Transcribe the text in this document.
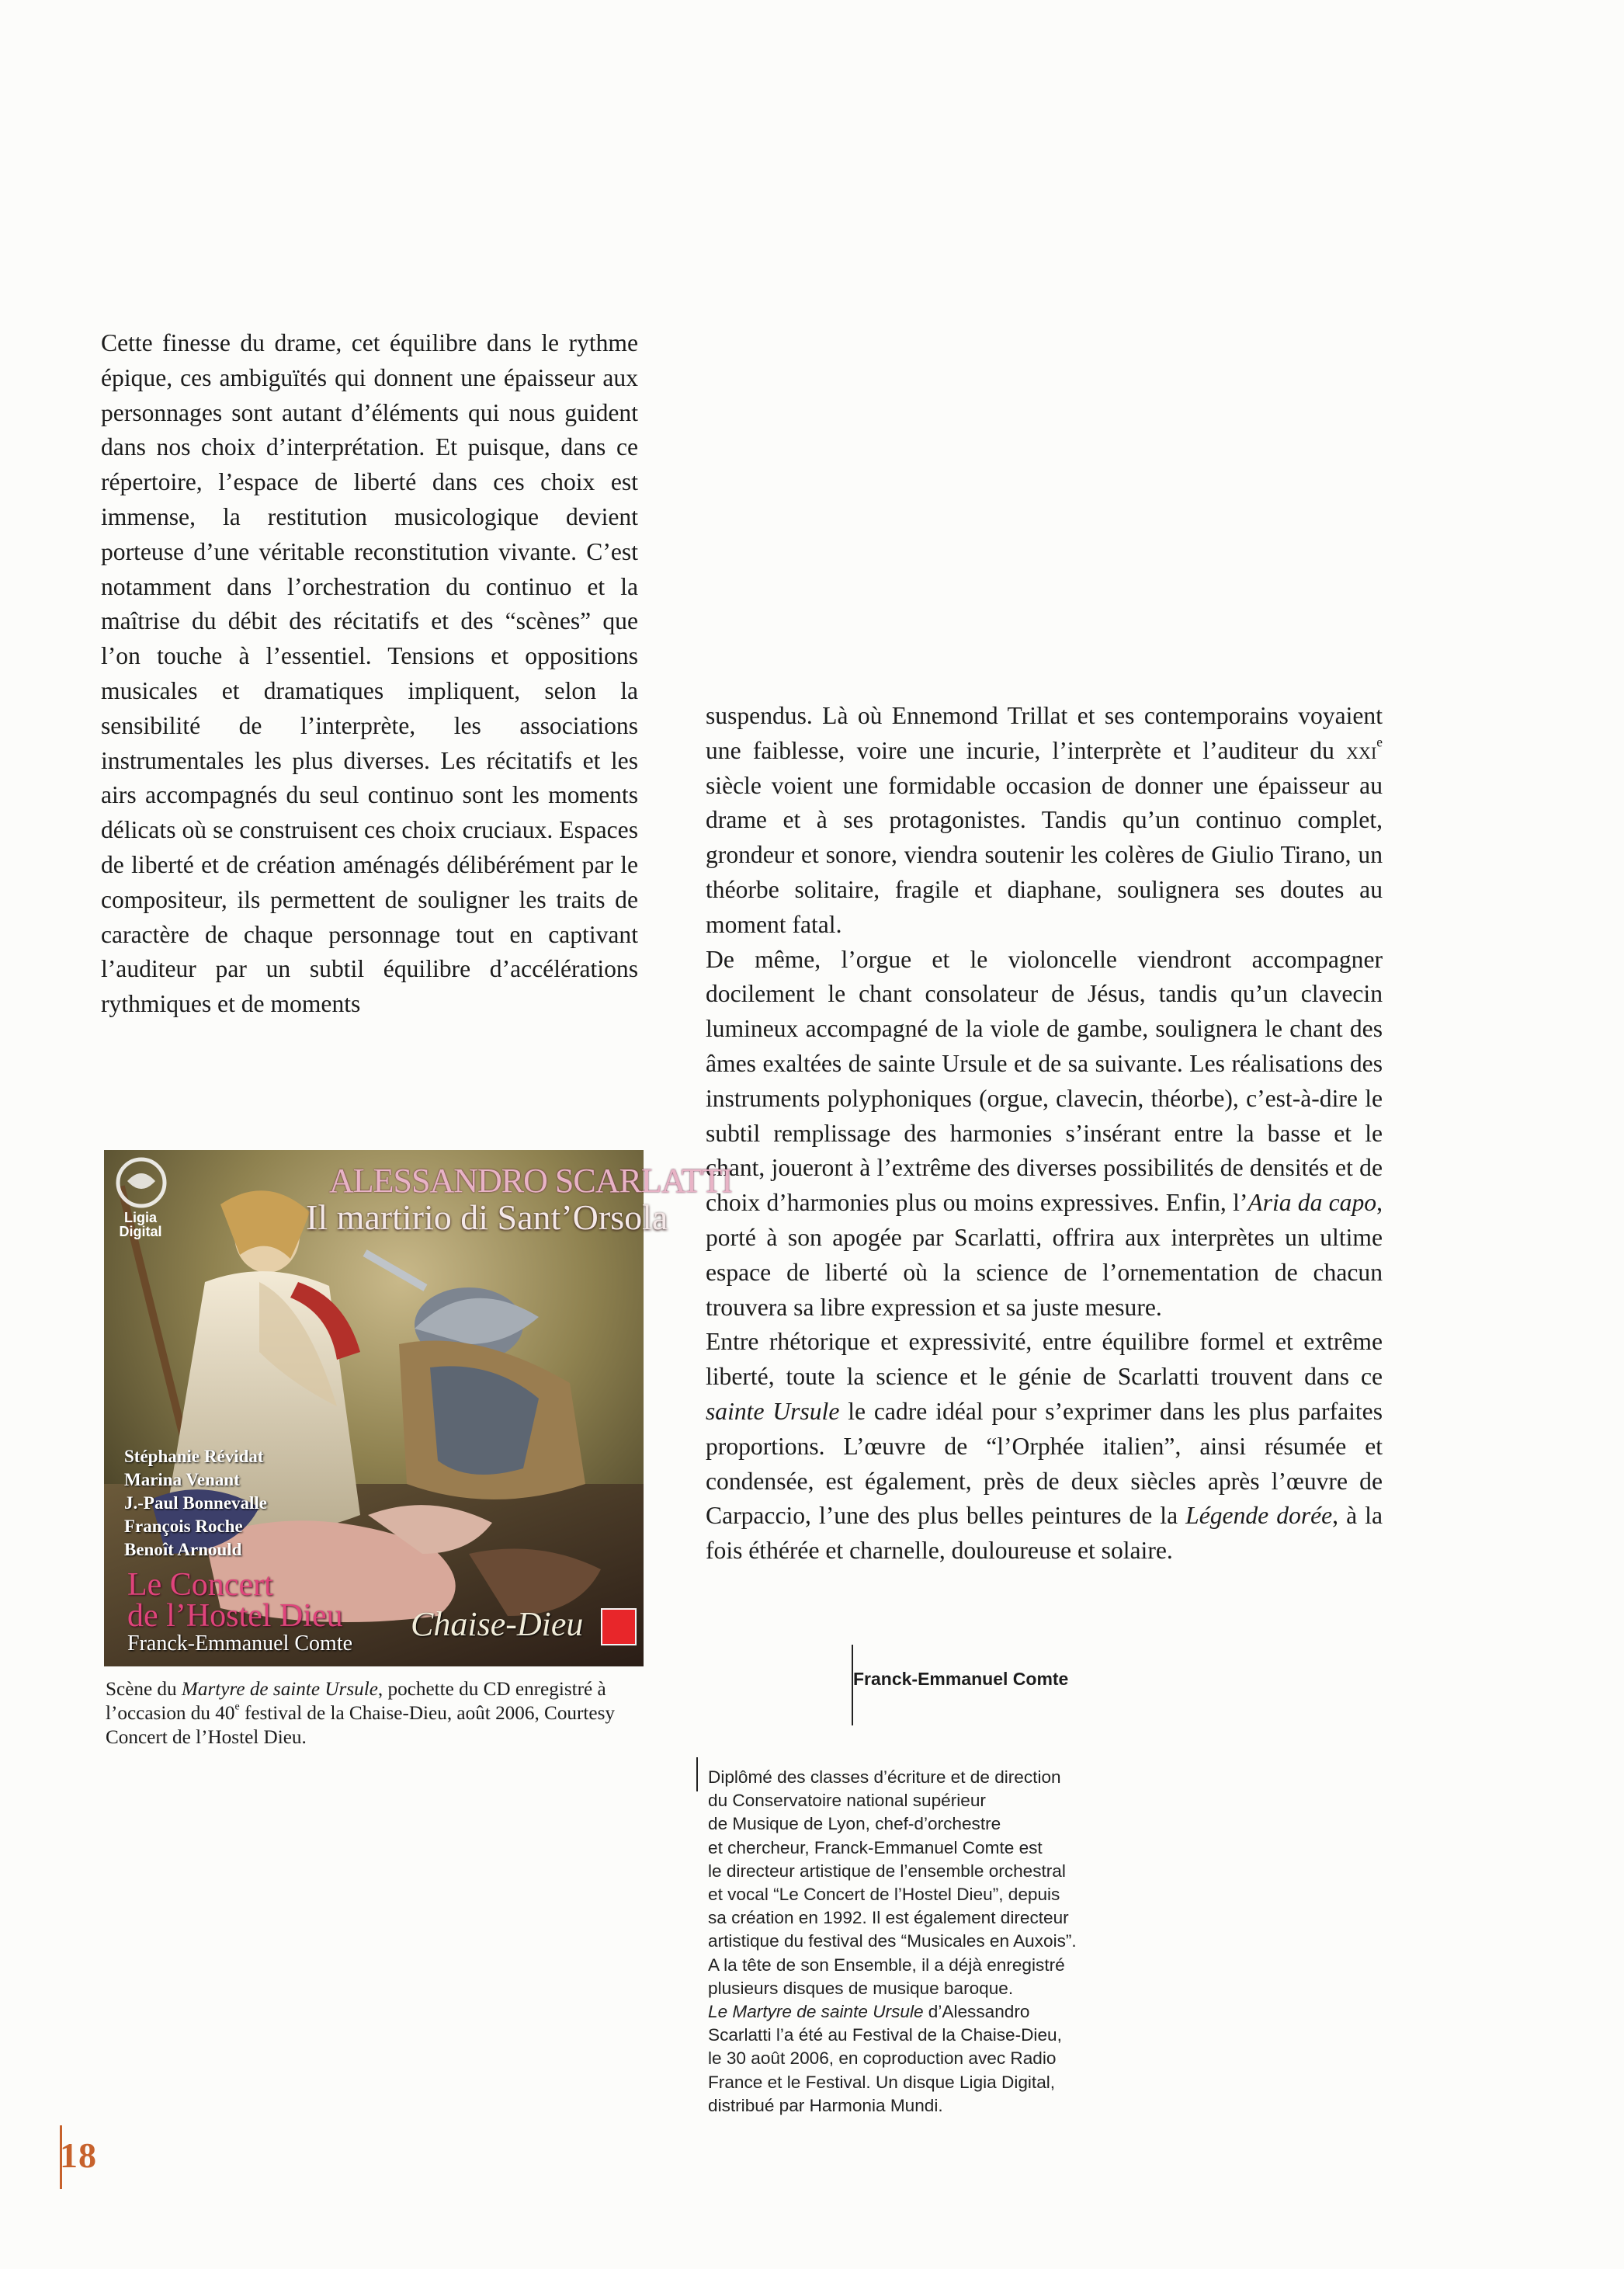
Cette finesse du drame, cet équilibre dans le rythme épique, ces ambiguïtés qui donnent une épaisseur aux personnages sont autant d’éléments qui nous guident dans nos choix d’interprétation. Et puisque, dans ce répertoire, l’espace de liberté dans ces choix est immense, la restitution musicologique devient porteuse d’une véritable reconstitution vivante. C’est notamment dans l’orchestration du continuo et la maîtrise du débit des récitatifs et des “scènes” que l’on touche à l’essentiel. Tensions et oppositions musicales et dramatiques impliquent, selon la sensibilité de l’interprète, les associations instrumentales les plus diverses. Les récitatifs et les airs accompagnés du seul continuo sont les moments délicats où se construisent ces choix cruciaux. Espaces de liberté et de création aménagés délibérément par le compositeur, ils permettent de souligner les traits de caractère de chaque personnage tout en captivant l’auditeur par un subtil équilibre d’accélérations rythmiques et de moments

suspendus. Là où Ennemond Trillat et ses contemporains voyaient une faiblesse, voire une incurie, l’interprète et l’auditeur du xxi$^e$ siècle voient une formidable occasion de donner une épaisseur au drame et à ses protagonistes. Tandis qu’un continuo complet, grondeur et sonore, viendra soutenir les colères de Giulio Tirano, un théorbe solitaire, fragile et diaphane, soulignera ses doutes au moment fatal.

De même, l’orgue et le violoncelle viendront accompagner docilement le chant consolateur de Jésus, tandis qu’un clavecin lumineux accompagné de la viole de gambe, soulignera le chant des âmes exaltées de sainte Ursule et de sa suivante. Les réalisations des instruments polyphoniques (orgue, clavecin, théorbe), c’est-à-dire le subtil remplissage des harmonies s’insérant entre la basse et le chant, joueront à l’extrême des diverses possibilités de densités et de choix d’harmonies plus ou moins expressives. Enfin, l’Aria da capo, porté à son apogée par Scarlatti, offrira aux interprètes un ultime espace de liberté où la science de l’ornementation de chacun trouvera sa libre expression et sa juste mesure.

Entre rhétorique et expressivité, entre équilibre formel et extrême liberté, toute la science et le génie de Scarlatti trouvent dans ce sainte Ursule le cadre idéal pour s’exprimer dans les plus parfaites proportions. L’œuvre de “l’Orphée italien”, ainsi résumée et condensée, est également, près de deux siècles après l’œuvre de Carpaccio, l’une des plus belles peintures de la Légende dorée, à la fois éthérée et charnelle, douloureuse et solaire.

Franck-Emmanuel Comte
ALESSANDRO SCARLATTI
Il martirio di Sant’Orsola
Ligia Digital
Stéphanie Révidat
Marina Venant
J.-Paul Bonnevalle
François Roche
Benoît Arnould
Le Concert
de l’Hostel Dieu
Franck-Emmanuel Comte
Chaise-Dieu
Scène du Martyre de sainte Ursule, pochette du CD enregistré à l’occasion du 40e festival de la Chaise-Dieu, août 2006, Courtesy Concert de l’Hostel Dieu.
Diplômé des classes d’écriture et de direction
du Conservatoire national supérieur
de Musique de Lyon, chef-d’orchestre
et chercheur, Franck-Emmanuel Comte est
le directeur artistique de l’ensemble orchestral
et vocal “Le Concert de l’Hostel Dieu”, depuis
sa création en 1992. Il est également directeur
artistique du festival des “Musicales en Auxois”.
A la tête de son Ensemble, il a déjà enregistré
plusieurs disques de musique baroque.
Le Martyre de sainte Ursule d’Alessandro
Scarlatti l’a été au Festival de la Chaise-Dieu,
le 30 août 2006, en coproduction avec Radio
France et le Festival. Un disque Ligia Digital,
distribué par Harmonia Mundi.
18
